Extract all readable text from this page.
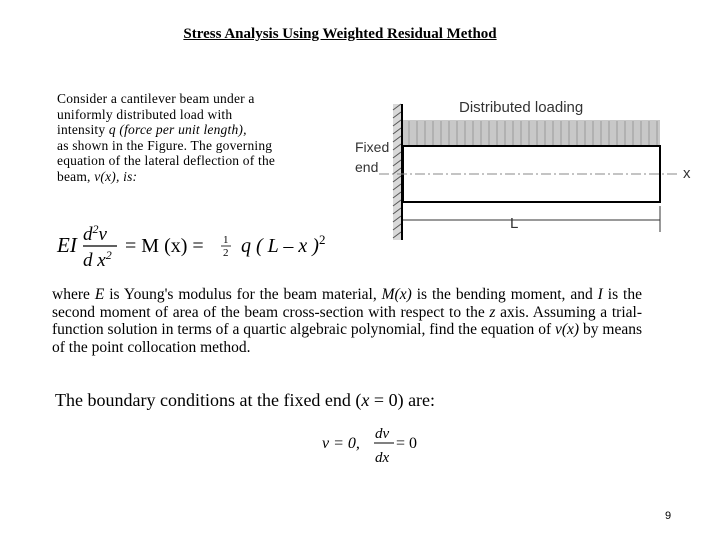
Stress Analysis Using Weighted Residual Method
Consider a cantilever beam under a
uniformly distributed load with
intensity q (force per unit length),
as shown in the Figure. The governing
equation of the lateral deflection of the
beam, v(x), is:
Distributed loading
x
Fixed
end
L
EI $d^2v$
d $x^2 = M$ (x) = 1
2 q ( L – x )$^2$
where E is Young's modulus for the beam material, M(x) is the bending moment, and I is the second moment of area of the beam cross-section with respect to the z axis. Assuming a trial-function solution in terms of a quartic algebraic polynomial, find the equation of v(x) by means of the point collocation method.
The boundary conditions at the fixed end (x = 0) are:
v = 0,
dv
dx
= 0
9
